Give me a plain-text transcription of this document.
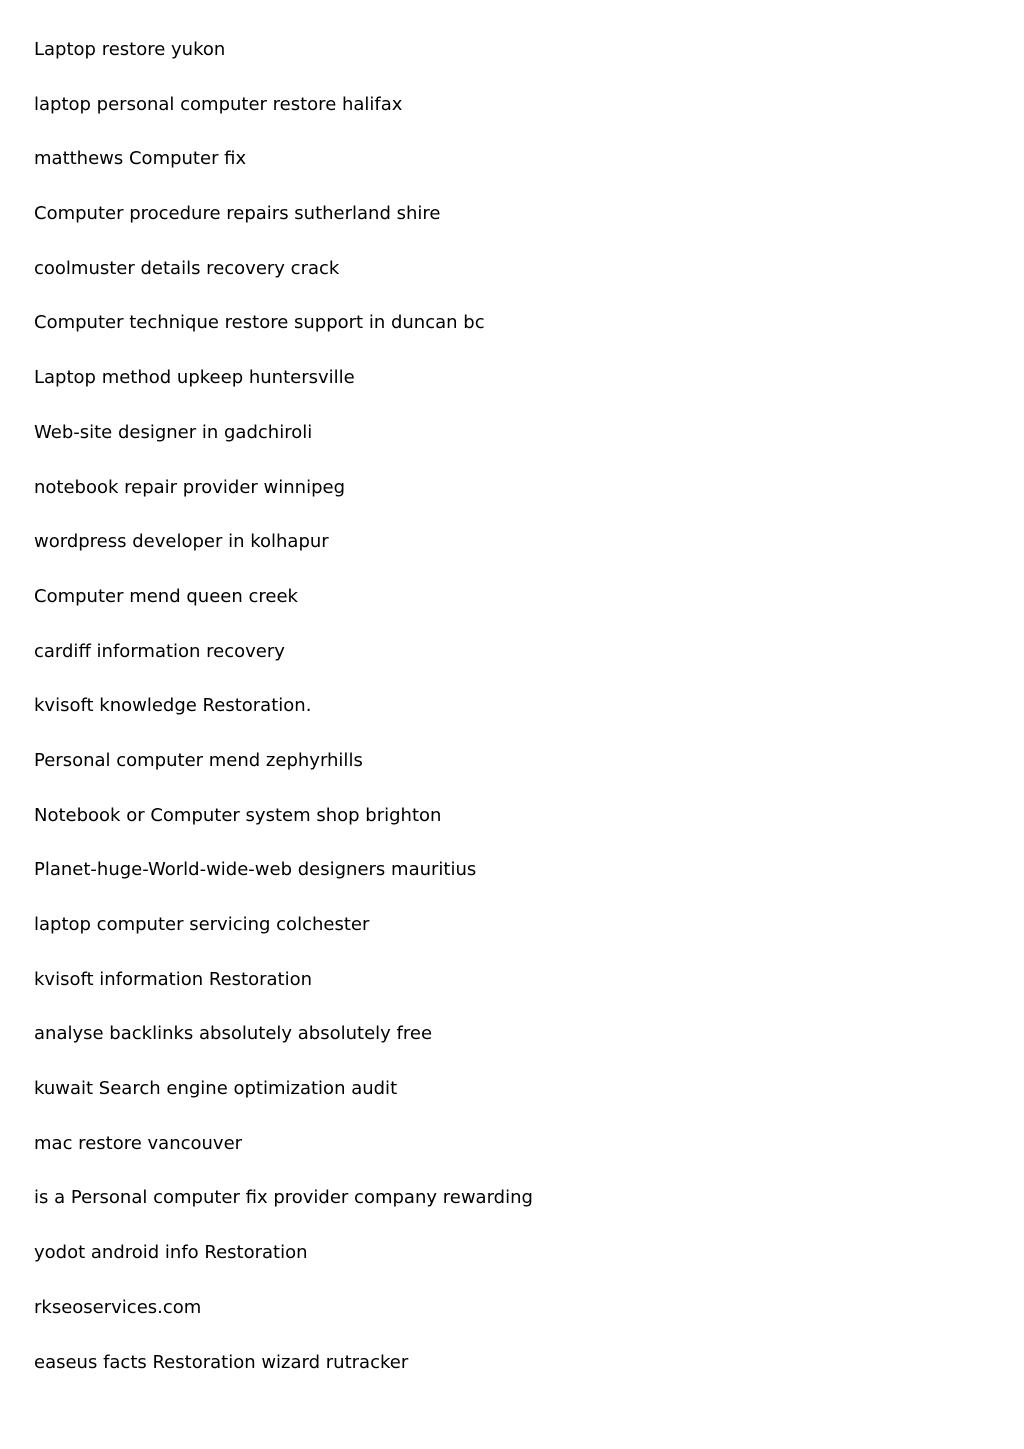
Laptop restore yukon
laptop personal computer restore halifax
matthews Computer fix
Computer procedure repairs sutherland shire
coolmuster details recovery crack
Computer technique restore support in duncan bc
Laptop method upkeep huntersville
Web-site designer in gadchiroli
notebook repair provider winnipeg
wordpress developer in kolhapur
Computer mend queen creek
cardiff information recovery
kvisoft knowledge Restoration.
Personal computer mend zephyrhills
Notebook or Computer system shop brighton
Planet-huge-World-wide-web designers mauritius
laptop computer servicing colchester
kvisoft information Restoration
analyse backlinks absolutely absolutely free
kuwait Search engine optimization audit
mac restore vancouver
is a Personal computer fix provider company rewarding
yodot android info Restoration
rkseoservices.com
easeus facts Restoration wizard rutracker
